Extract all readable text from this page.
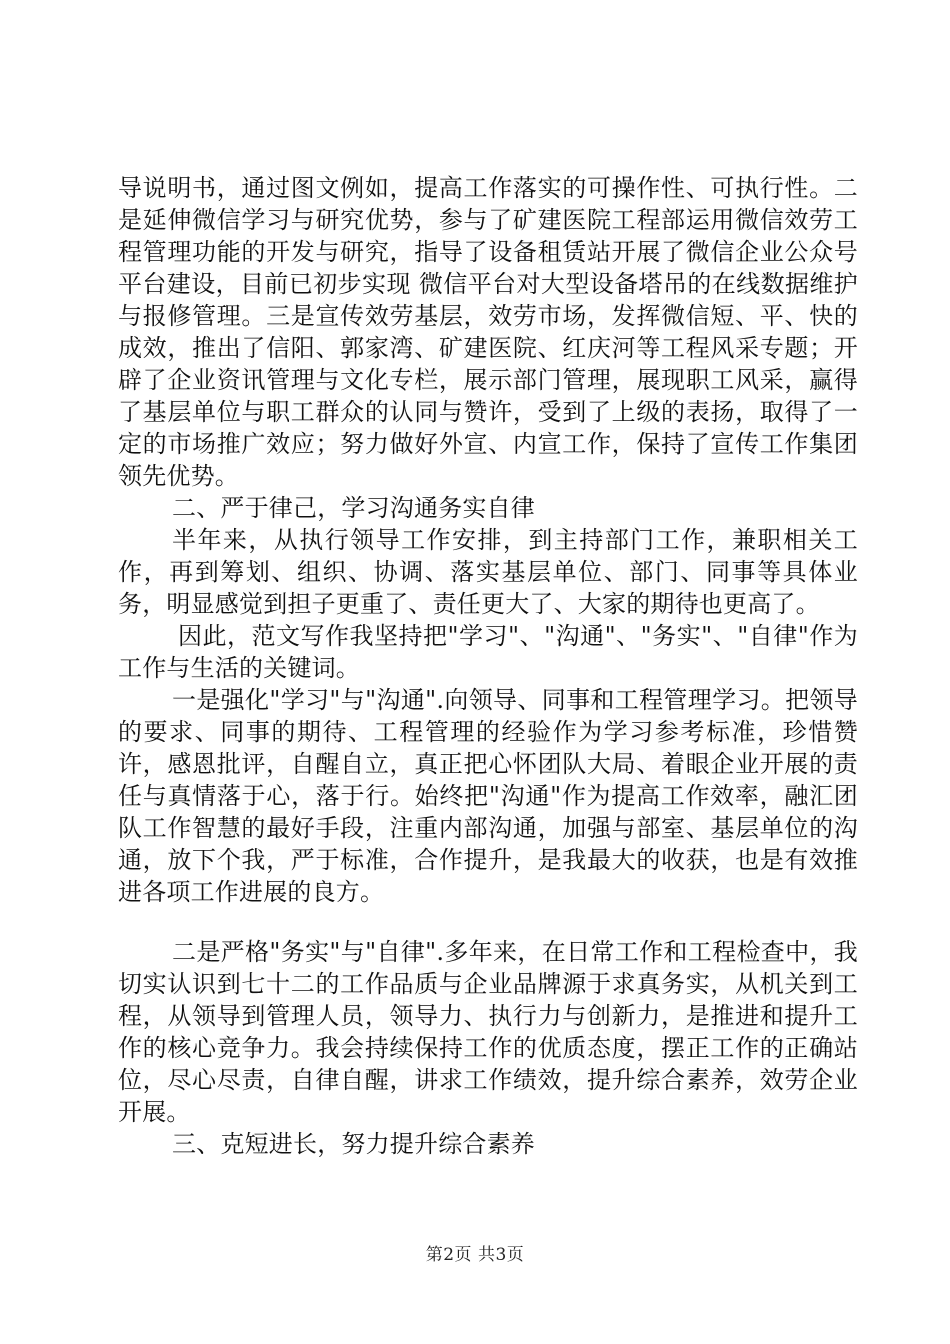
导说明书，通过图文例如，提高工作落实的可操作性、可执行性。二是延伸微信学习与研究优势，参与了矿建医院工程部运用微信效劳工程管理功能的开发与研究，指导了设备租赁站开展了微信企业公众号平台建设，目前已初步实现 微信平台对大型设备塔吊的在线数据维护与报修管理。三是宣传效劳基层，效劳市场，发挥微信短、平、快的成效，推出了信阳、郭家湾、矿建医院、红庆河等工程风采专题；开辟了企业资讯管理与文化专栏，展示部门管理，展现职工风采，赢得了基层单位与职工群众的认同与赞许，受到了上级的表扬，取得了一定的市场推广效应；努力做好外宣、内宣工作，保持了宣传工作集团领先优势。

二、严于律己，学习沟通务实自律

半年来，从执行领导工作安排，到主持部门工作，兼职相关工作，再到筹划、组织、协调、落实基层单位、部门、同事等具体业务，明显感觉到担子更重了、责任更大了、大家的期待也更高了。

因此，范文写作我坚持把"学习"、"沟通"、"务实"、"自律"作为工作与生活的关键词。

一是强化"学习"与"沟通".向领导、同事和工程管理学习。把领导的要求、同事的期待、工程管理的经验作为学习参考标准，珍惜赞许，感恩批评，自醒自立，真正把心怀团队大局、着眼企业开展的责任与真情落于心，落于行。始终把"沟通"作为提高工作效率，融汇团队工作智慧的最好手段，注重内部沟通，加强与部室、基层单位的沟通，放下个我，严于标准，合作提升，是我最大的收获，也是有效推进各项工作进展的良方。

二是严格"务实"与"自律".多年来，在日常工作和工程检查中，我切实认识到七十二的工作品质与企业品牌源于求真务实，从机关到工程，从领导到管理人员，领导力、执行力与创新力，是推进和提升工作的核心竞争力。我会持续保持工作的优质态度，摆正工作的正确站位，尽心尽责，自律自醒，讲求工作绩效，提升综合素养，效劳企业开展。

三、克短进长，努力提升综合素养

第2页 共3页
